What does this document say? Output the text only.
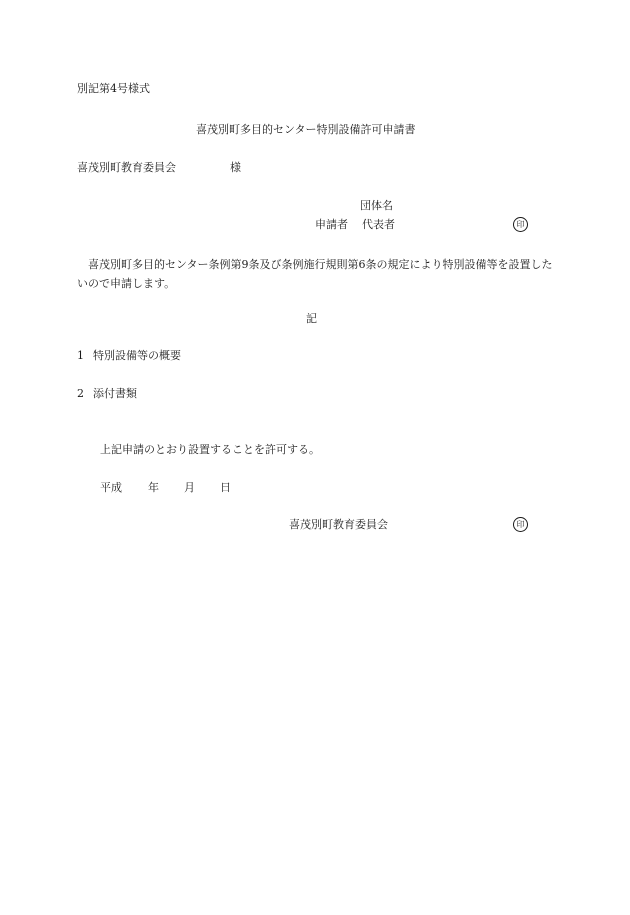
別記第4号様式
喜茂別町多目的センター特別設備許可申請書
喜茂別町教育委員会	様
団体名
申請者 代表者	印
喜茂別町多目的センター条例第9条及び条例施行規則第6条の規定により特別設備等を設置したいので申請します。
記
1 特別設備等の概要
2 添付書類
上記申請のとおり設置することを許可する。
平成 年 月 日
喜茂別町教育委員会	印
